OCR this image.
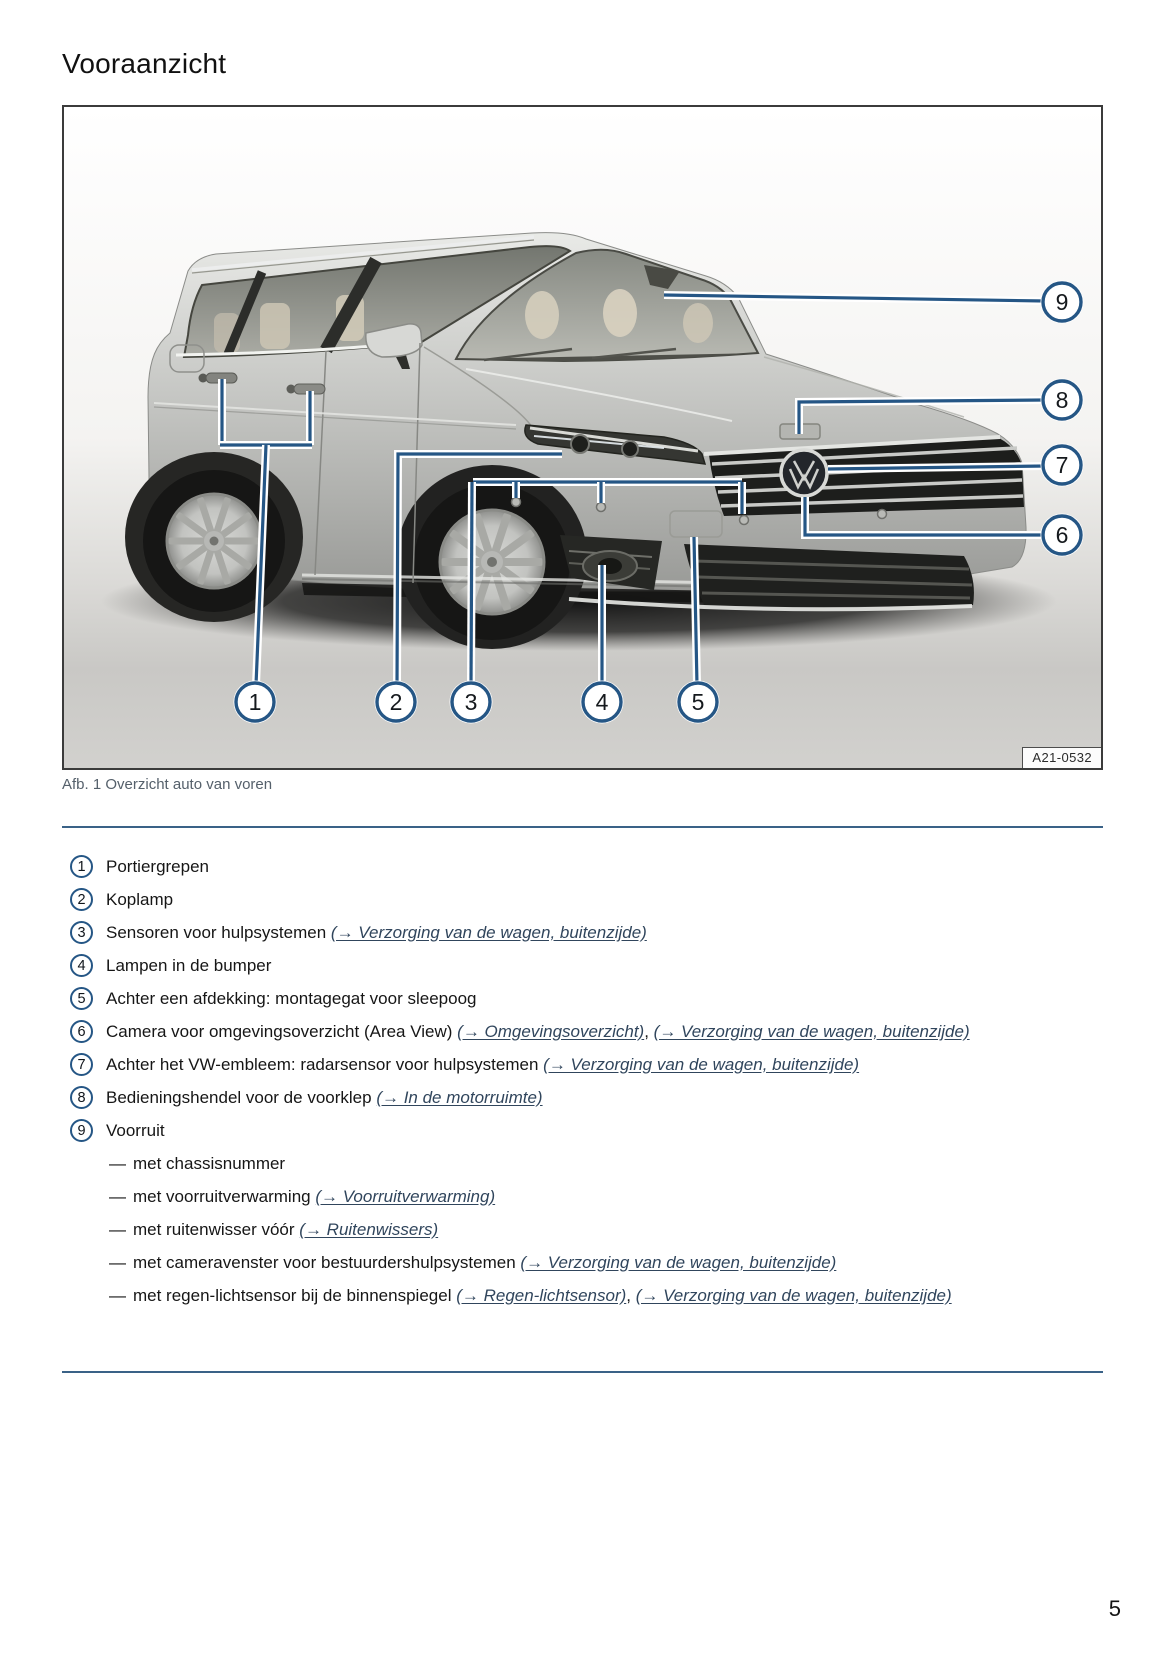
Vooraanzicht
1	2	3	4	5
6
7
8
9
A21-0532
Afb. 1 Overzicht auto van voren
1	Portiergrepen
2	Koplamp
3	Sensoren voor hulpsystemen (→ Verzorging van de wagen, buitenzijde)
4	Lampen in de bumper
5	Achter een afdekking: montagegat voor sleepoog
6	Camera voor omgevingsoverzicht (Area View) (→ Omgevingsoverzicht), (→ Verzorging van de wagen, buitenzijde)
7	Achter het VW-embleem: radarsensor voor hulpsystemen (→ Verzorging van de wagen, buitenzijde)
8	Bedieningshendel voor de voorklep (→ In de motorruimte)
9	Voorruit
— met chassisnummer
— met voorruitverwarming (→ Voorruitverwarming)
— met ruitenwisser vóór (→ Ruitenwissers)
— met cameravenster voor bestuurdershulpsystemen (→ Verzorging van de wagen, buitenzijde)
— met regen-lichtsensor bij de binnenspiegel (→ Regen-lichtsensor), (→ Verzorging van de wagen, buitenzijde)
5
